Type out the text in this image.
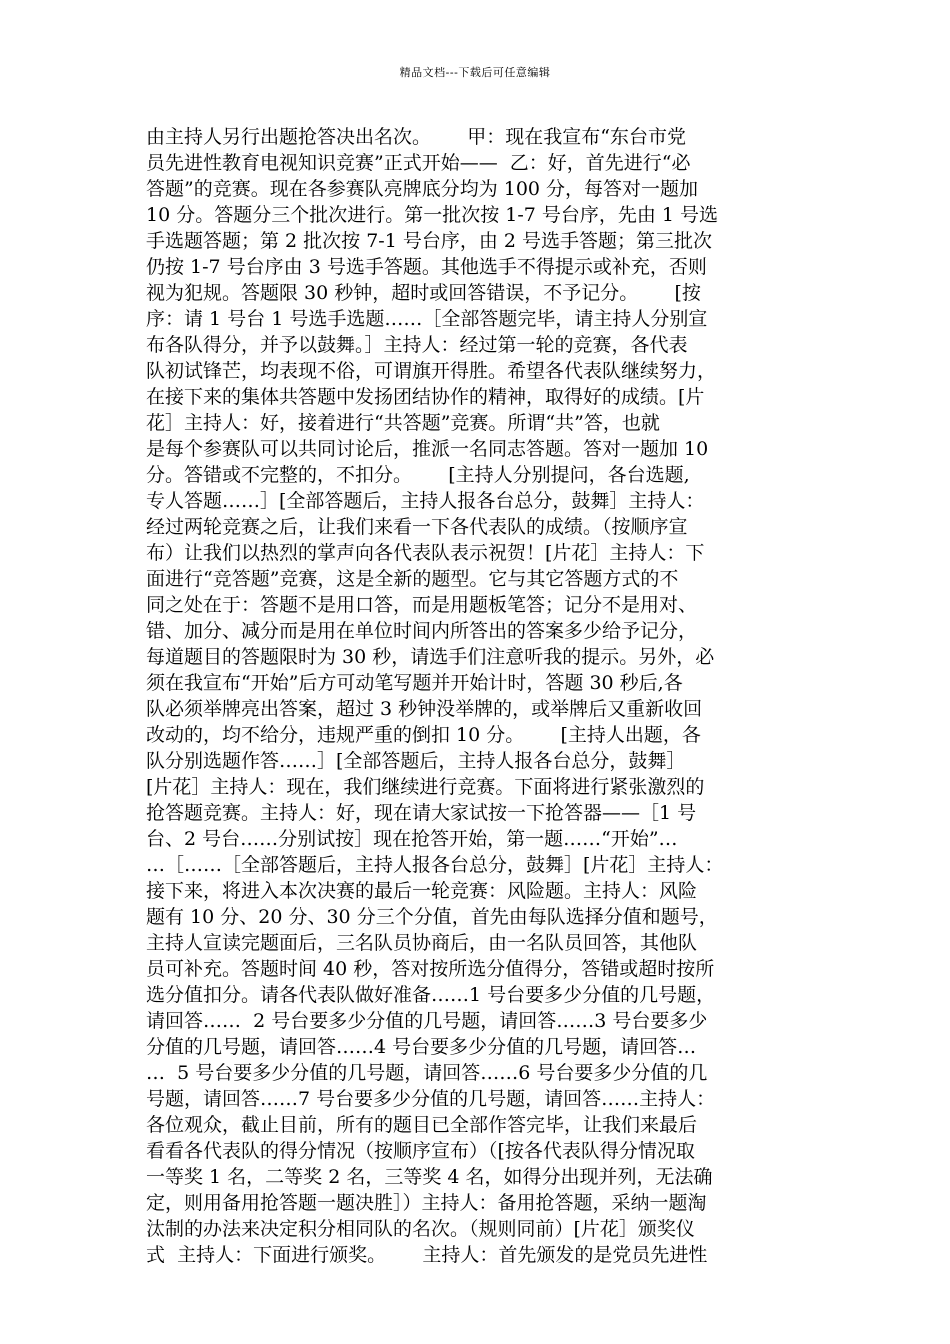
精品文档---下载后可任意编辑
由主持人另行出题抢答决出名次。      甲：现在我宣布“东台市党
员先进性教育电视知识竞赛”正式开始——  乙：好，首先进行“必
答题”的竞赛。现在各参赛队亮牌底分均为 100 分，每答对一题加
10 分。答题分三个批次进行。第一批次按 1-7 号台序，先由 1 号选
手选题答题；第 2 批次按 7-1 号台序，由 2 号选手答题；第三批次
仍按 1-7 号台序由 3 号选手答题。其他选手不得提示或补充，否则
视为犯规。答题限 30 秒钟，超时或回答错误，不予记分。      [按
序：请 1 号台 1 号选手选题……［全部答题完毕，请主持人分别宣
布各队得分，并予以鼓舞。］主持人：经过第一轮的竞赛，各代表
队初试锋芒，均表现不俗，可谓旗开得胜。希望各代表队继续努力，
在接下来的集体共答题中发扬团结协作的精神，取得好的成绩。[片
花］主持人：好，接着进行“共答题”竞赛。所谓“共”答，也就
是每个参赛队可以共同讨论后，推派一名同志答题。答对一题加 10
分。答错或不完整的，不扣分。      [主持人分别提问，各台选题,
专人答题……］[全部答题后，主持人报各台总分，鼓舞］主持人：
经过两轮竞赛之后，让我们来看一下各代表队的成绩。（按顺序宣
布）让我们以热烈的掌声向各代表队表示祝贺！[片花］主持人：下
面进行“竞答题”竞赛，这是全新的题型。它与其它答题方式的不
同之处在于：答题不是用口答，而是用题板笔答；记分不是用对、
错、加分、减分而是用在单位时间内所答出的答案多少给予记分，
每道题目的答题限时为 30 秒，请选手们注意听我的提示。另外，必
须在我宣布“开始”后方可动笔写题并开始计时，答题 30 秒后,各
队必须举牌亮出答案，超过 3 秒钟没举牌的，或举牌后又重新收回
改动的，均不给分，违规严重的倒扣 10 分。      [主持人出题，各
队分别选题作答……］[全部答题后，主持人报各台总分，鼓舞］
[片花］主持人：现在，我们继续进行竞赛。下面将进行紧张激烈的
抢答题竞赛。主持人：好，现在请大家试按一下抢答器——［1 号
台、2 号台……分别试按］现在抢答开始，第一题……“开始”…
…［……［全部答题后，主持人报各台总分，鼓舞］[片花］主持人：
接下来，将进入本次决赛的最后一轮竞赛：风险题。主持人：风险
题有 10 分、20 分、30 分三个分值，首先由每队选择分值和题号，
主持人宣读完题面后，三名队员协商后，由一名队员回答，其他队
员可补充。答题时间 40 秒，答对按所选分值得分，答错或超时按所
选分值扣分。请各代表队做好准备……1 号台要多少分值的几号题，
请回答……  2 号台要多少分值的几号题，请回答……3 号台要多少
分值的几号题，请回答……4 号台要多少分值的几号题，请回答…
…  5 号台要多少分值的几号题，请回答……6 号台要多少分值的几
号题，请回答……7 号台要多少分值的几号题，请回答……主持人：
各位观众，截止目前，所有的题目已全部作答完毕，让我们来最后
看看各代表队的得分情况（按顺序宣布）（[按各代表队得分情况取
一等奖 1 名，二等奖 2 名，三等奖 4 名，如得分出现并列，无法确
定，则用备用抢答题一题决胜］）主持人：备用抢答题，采纳一题淘
汰制的办法来决定积分相同队的名次。（规则同前）[片花］颁奖仪
式  主持人：下面进行颁奖。      主持人：首先颁发的是党员先进性
